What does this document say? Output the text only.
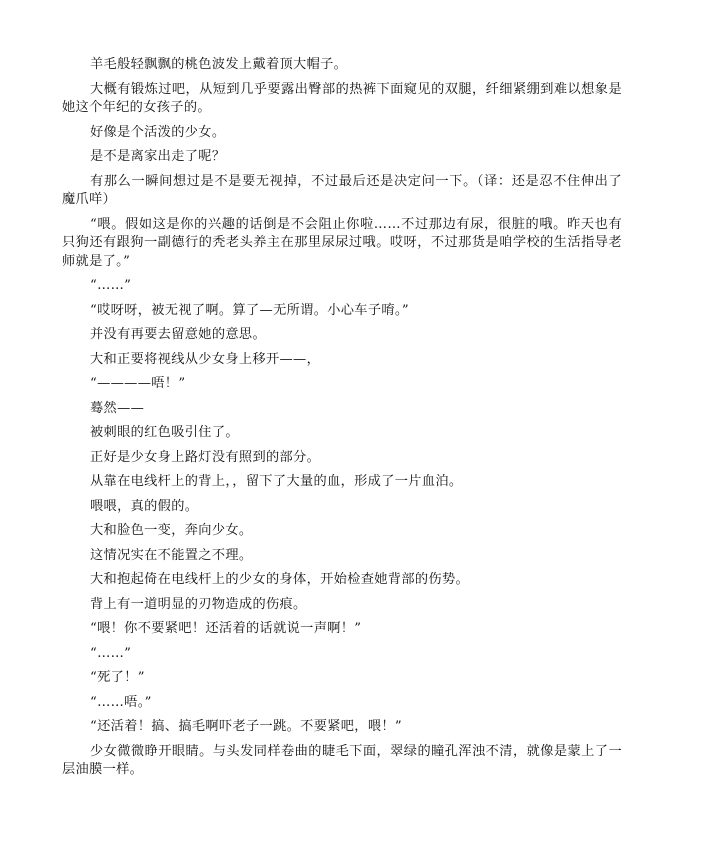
羊毛般轻飘飘的桃色波发上戴着顶大帽子。

大概有锻炼过吧，从短到几乎要露出臀部的热裤下面窥见的双腿，纤细紧绷到难以想象是她这个年纪的女孩子的。

好像是个活泼的少女。

是不是离家出走了呢？

有那么一瞬间想过是不是要无视掉，不过最后还是决定问一下。（译：还是忍不住伸出了魔爪咩）

“喂。假如这是你的兴趣的话倒是不会阻止你啦……不过那边有尿，很脏的哦。昨天也有只狗还有跟狗一副德行的秃老头养主在那里尿尿过哦。哎呀，不过那货是咱学校的生活指导老师就是了。”

“……”

“哎呀呀，被无视了啊。算了—无所谓。小心车子唷。”

并没有再要去留意她的意思。

大和正要将视线从少女身上移开——，

“————唔！”

蓦然——

被刺眼的红色吸引住了。

正好是少女身上路灯没有照到的部分。

从靠在电线杆上的背上，，留下了大量的血，形成了一片血泊。

喂喂，真的假的。

大和脸色一变，奔向少女。

这情况实在不能置之不理。

大和抱起倚在电线杆上的少女的身体，开始检查她背部的伤势。

背上有一道明显的刃物造成的伤痕。

“喂！你不要紧吧！还活着的话就说一声啊！”

“……”

“死了！”

“……唔。”

“还活着！搞、搞毛啊吓老子一跳。不要紧吧，喂！”

少女微微睁开眼睛。与头发同样卷曲的睫毛下面，翠绿的瞳孔浑浊不清，就像是蒙上了一层油膜一样。
